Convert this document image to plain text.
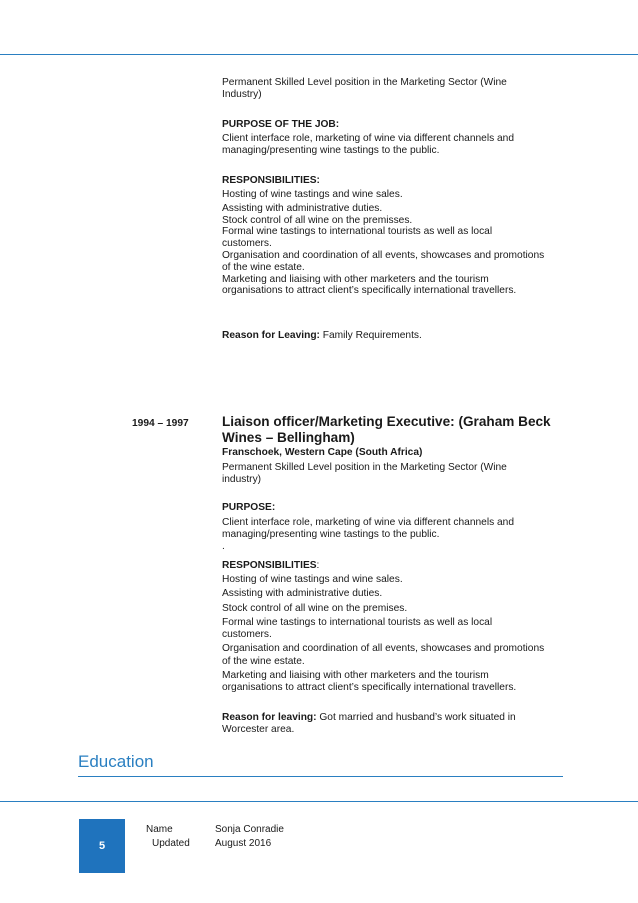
Permanent Skilled Level position in the Marketing Sector (Wine

Industry)

PURPOSE OF THE JOB:

Client interface role, marketing of wine via different channels and

managing/presenting wine tastings to the public.

RESPONSIBILITIES:

Hosting of wine tastings and wine sales.

Assisting with administrative duties.

Stock control of all wine on the premisses.

Formal wine tastings to international tourists as well as local

customers.

Organisation and coordination of all events, showcases and promotions

of the wine estate.

Marketing and liaising with other marketers and the tourism

organisations to attract client’s specifically international travellers.

Reason for Leaving: Family Requirements.
1994 – 1997 Liaison officer/Marketing Executive: (Graham Beck
Wines – Bellingham)
Franschoek, Western Cape (South Africa)

Permanent Skilled Level position in the Marketing Sector (Wine

industry)

PURPOSE:

Client interface role, marketing of wine via different channels and

managing/presenting wine tastings to the public.

.

RESPONSIBILITIES:

Hosting of wine tastings and wine sales.

Assisting with administrative duties.

Stock control of all wine on the premises.

Formal wine tastings to international tourists as well as local

customers.

Organisation and coordination of all events, showcases and promotions

of the wine estate.

Marketing and liaising with other marketers and the tourism

organisations to attract client’s specifically international travellers.

Reason for leaving: Got married and husband’s work situated in

Worcester area.

Education
5
Name	Sonja Conradie
Updated	August 2016
